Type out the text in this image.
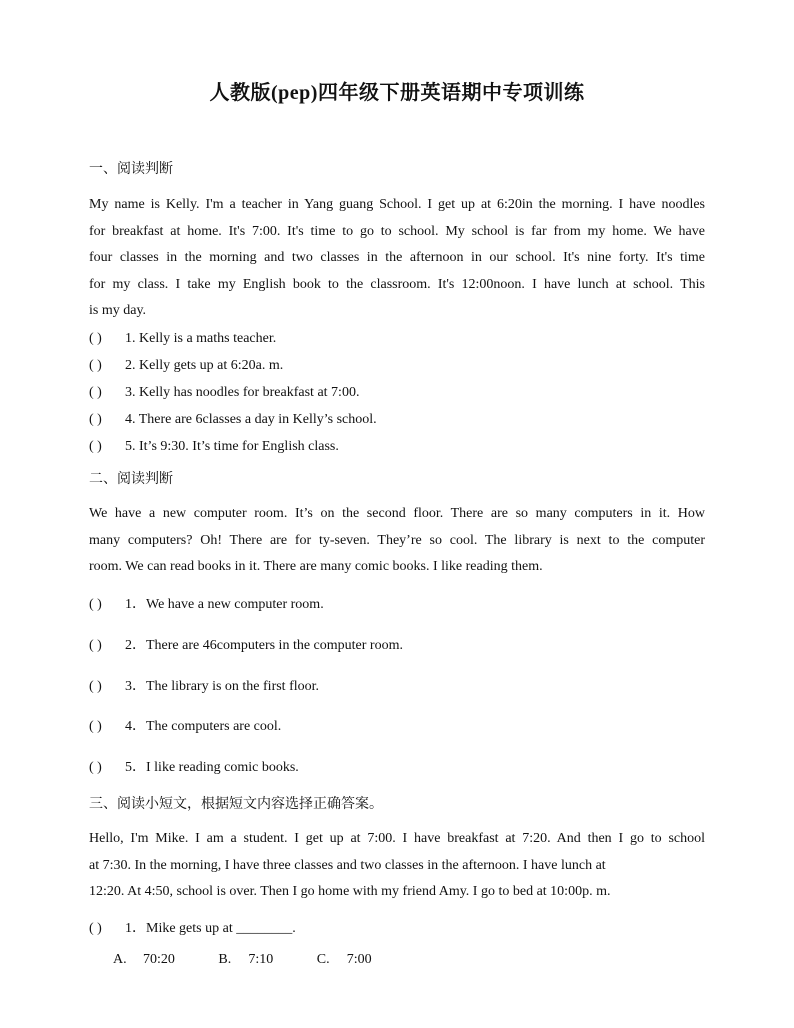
人教版(pep)四年级下册英语期中专项训练
一、阅读判断
My name is Kelly. I'm a teacher in Yang guang School. I get up at 6:20in the morning. I have noodles
for breakfast at home. It's 7:00. It's time to go to school. My school is far from my home. We have
four classes in the morning and two classes in the afternoon in our school. It's nine forty. It's time
for my class. I take my English book to the classroom. It's 12:00noon. I have lunch at school. This
is my day.
( ) 1. Kelly is a maths teacher.
( ) 2. Kelly gets up at 6:20a. m.
( ) 3. Kelly has noodles for breakfast at 7:00.
( ) 4. There are 6classes a day in Kelly’s school.
( ) 5. It’s 9:30. It’s time for English class.
二、阅读判断
We have a new computer room. It’s on the second floor. There are so many computers in it. How
many computers? Oh! There are for ty-seven. They’re so cool. The library is next to the computer
room. We can read books in it. There are many comic books. I like reading them.
( ) 1．We have a new computer room.
( ) 2．There are 46computers in the computer room.
( ) 3．The library is on the first floor.
( ) 4．The computers are cool.
( ) 5．I like reading comic books.
三、阅读小短文，根据短文内容选择正确答案。
Hello, I'm Mike. I am a student. I get up at 7:00. I have breakfast at 7:20. And then I go to school
at 7:30. In the morning, I have three classes and two classes in the afternoon. I have lunch at
12:20. At 4:50, school is over. Then I go home with my friend Amy. I go to bed at 10:00p. m.
( ) 1．Mike gets up at ________.
A. 70:20	B. 7:10	C. 7:00
